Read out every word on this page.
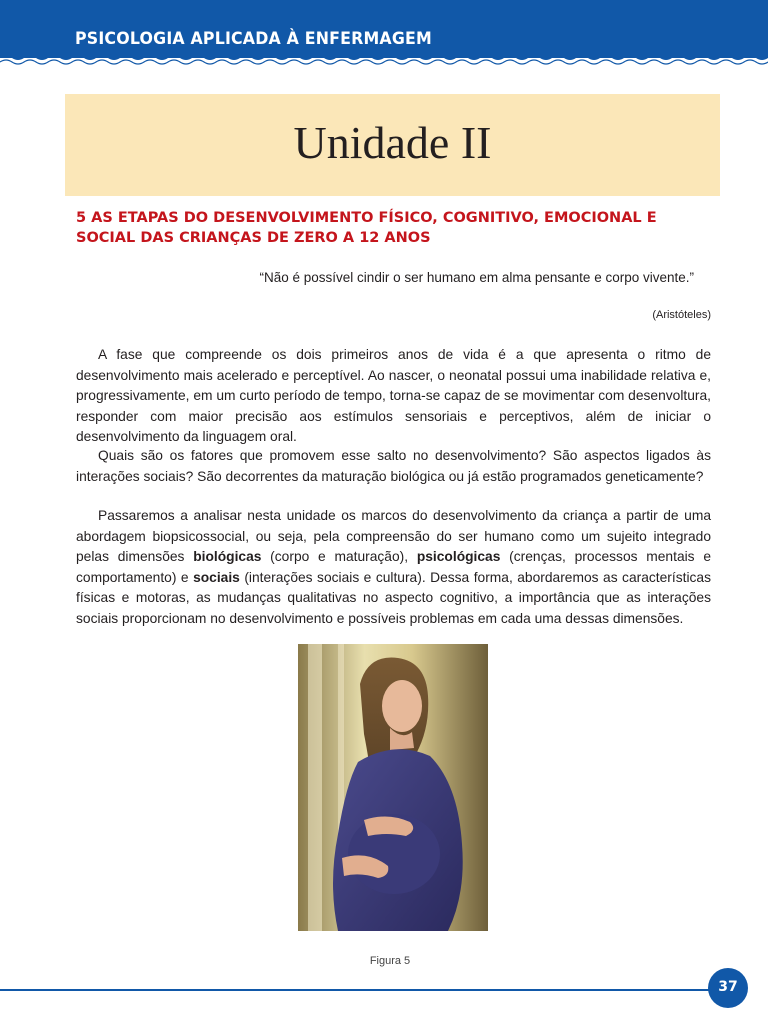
PSICOLOGIA APLICADA À ENFERMAGEM
Unidade II
5 AS ETAPAS DO DESENVOLVIMENTO FÍSICO, COGNITIVO, EMOCIONAL E SOCIAL DAS CRIANÇAS DE ZERO A 12 ANOS
“Não é possível cindir o ser humano em alma pensante e corpo vivente.”
(Aristóteles)

A fase que compreende os dois primeiros anos de vida é a que apresenta o ritmo de desenvolvimento mais acelerado e perceptível. Ao nascer, o neonatal possui uma inabilidade relativa e, progressivamente, em um curto período de tempo, torna-se capaz de se movimentar com desenvoltura, responder com maior precisão aos estímulos sensoriais e perceptivos, além de iniciar o desenvolvimento da linguagem oral.

Quais são os fatores que promovem esse salto no desenvolvimento? São aspectos ligados às interações sociais? São decorrentes da maturação biológica ou já estão programados geneticamente?

Passaremos a analisar nesta unidade os marcos do desenvolvimento da criança a partir de uma abordagem biopsicossocial, ou seja, pela compreensão do ser humano como um sujeito integrado pelas dimensões biológicas (corpo e maturação), psicológicas (crenças, processos mentais e comportamento) e sociais (interações sociais e cultura). Dessa forma, abordaremos as características físicas e motoras, as mudanças qualitativas no aspecto cognitivo, a importância que as interações sociais proporcionam no desenvolvimento e possíveis problemas em cada uma dessas dimensões.

Figura 5
37
